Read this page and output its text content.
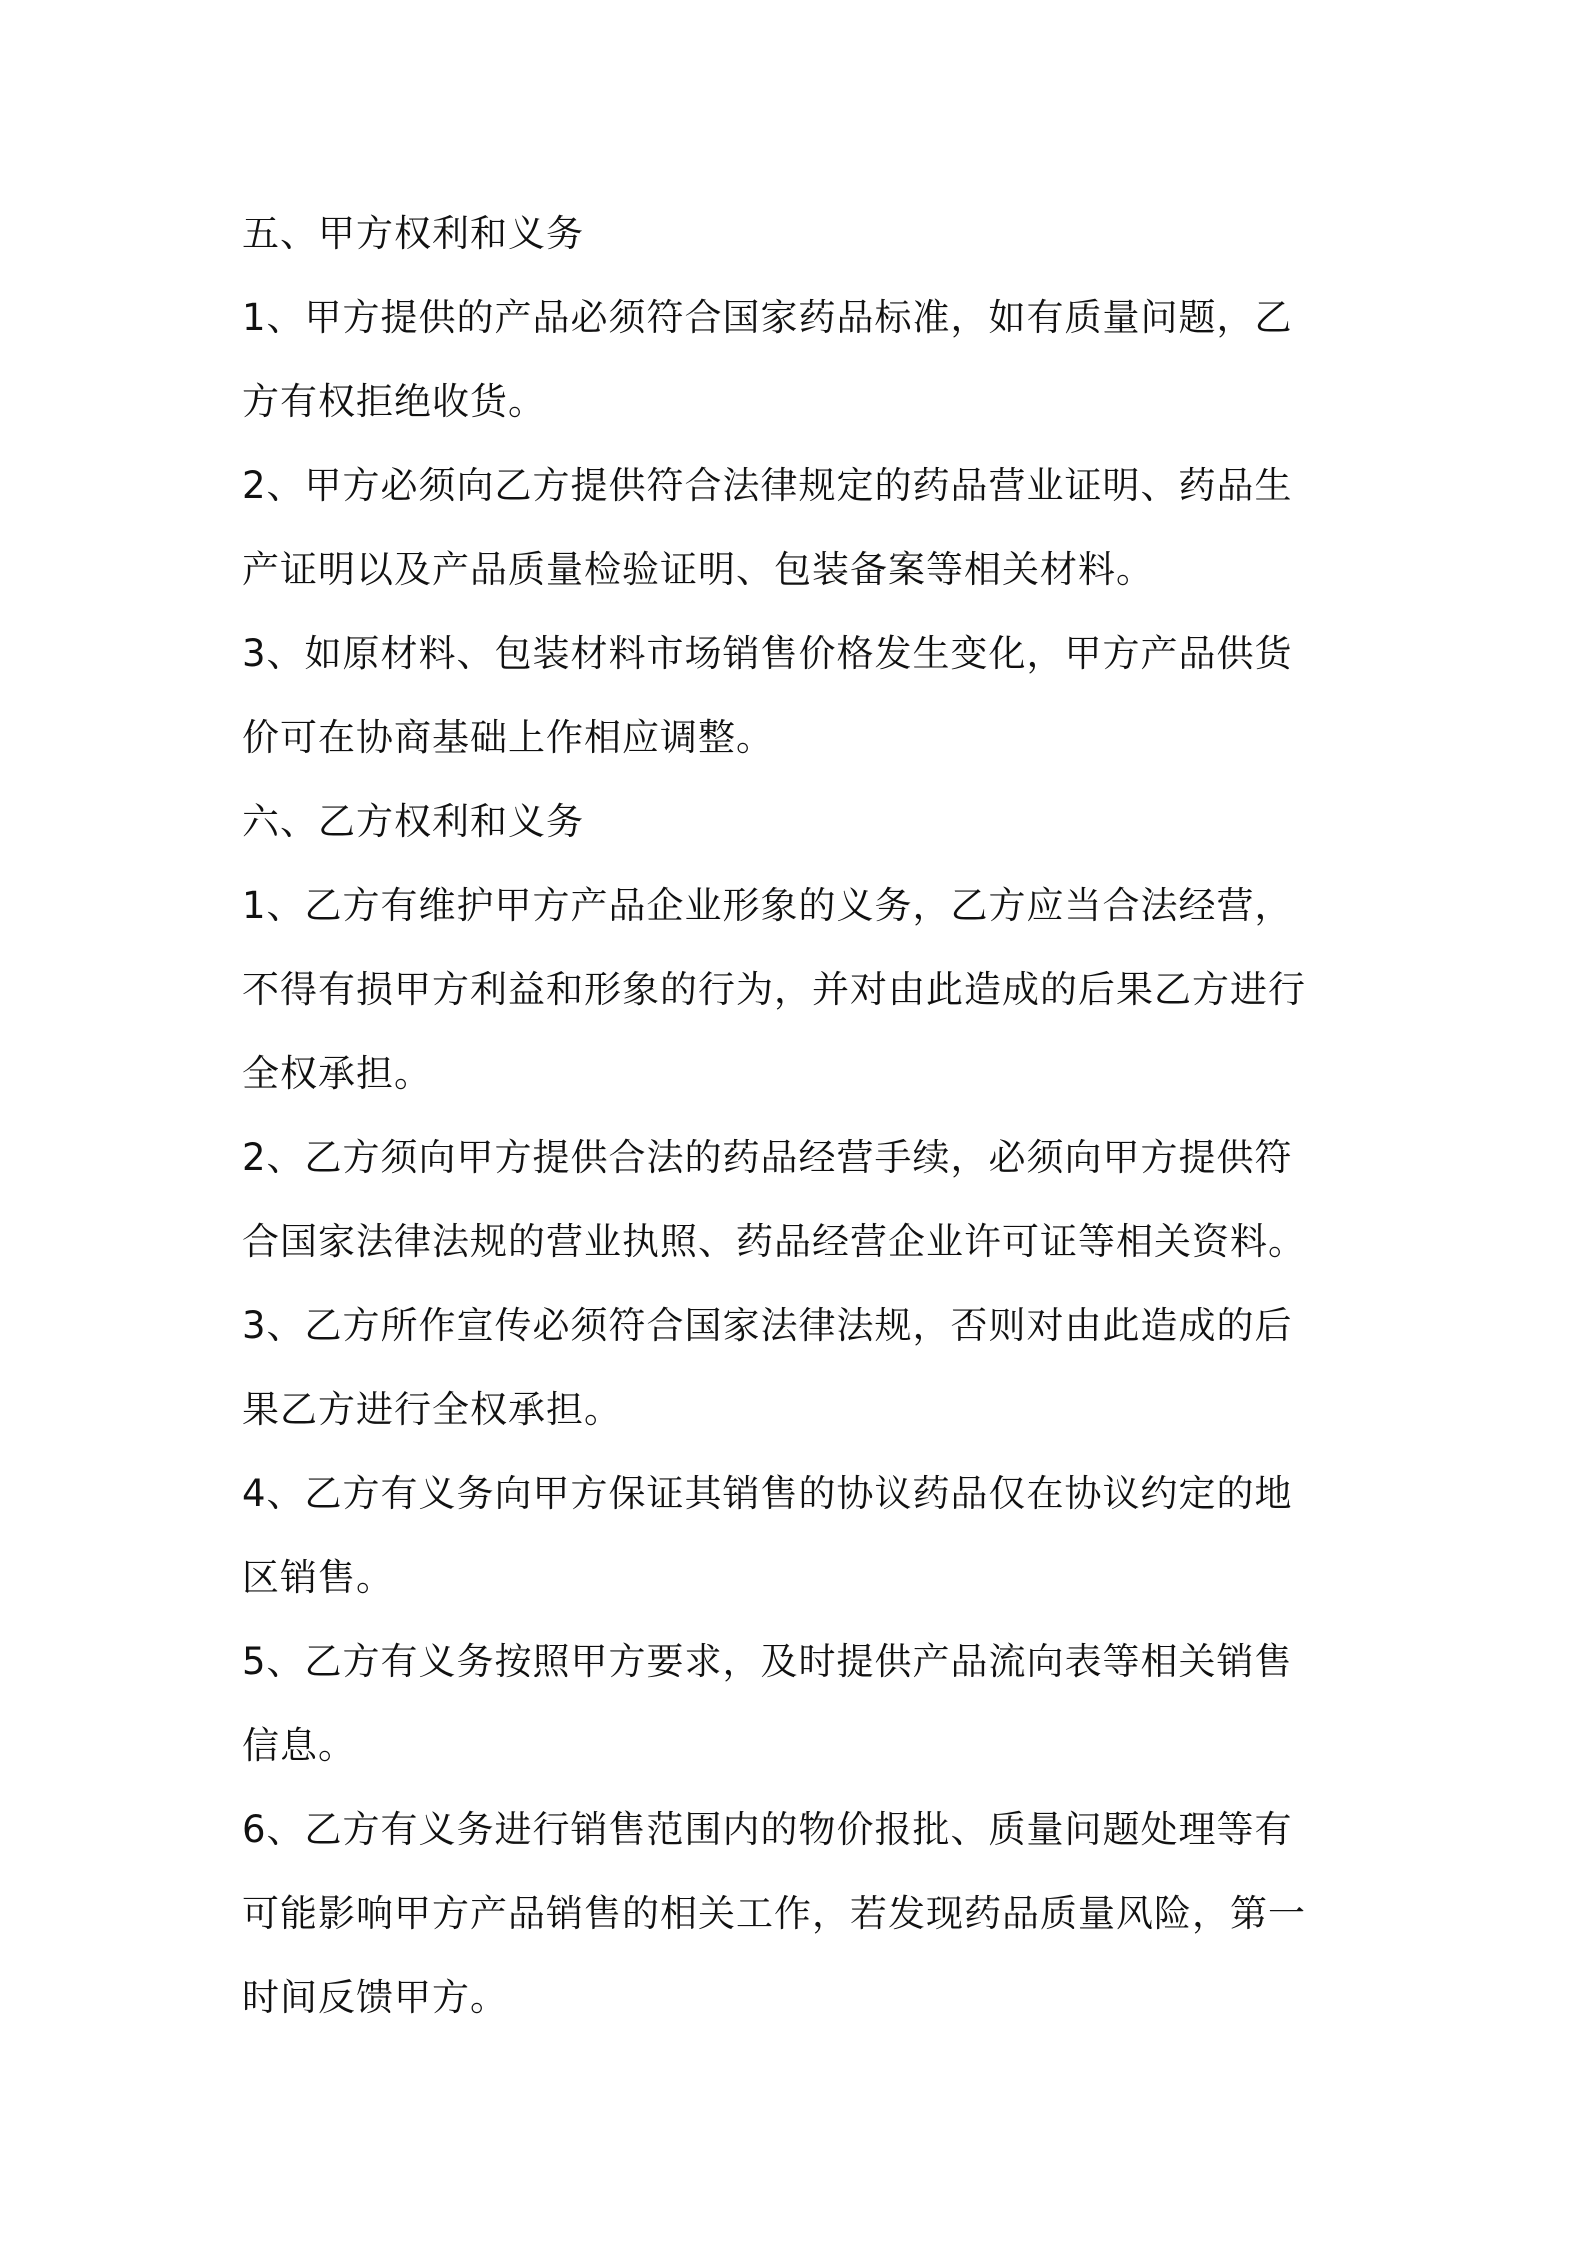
五、甲方权利和义务

1、甲方提供的产品必须符合国家药品标准，如有质量问题，乙
方有权拒绝收货。

2、甲方必须向乙方提供符合法律规定的药品营业证明、药品生
产证明以及产品质量检验证明、包装备案等相关材料。

3、如原材料、包装材料市场销售价格发生变化，甲方产品供货
价可在协商基础上作相应调整。

六、乙方权利和义务

1、乙方有维护甲方产品企业形象的义务，乙方应当合法经营，
不得有损甲方利益和形象的行为，并对由此造成的后果乙方进行
全权承担。

2、乙方须向甲方提供合法的药品经营手续，必须向甲方提供符
合国家法律法规的营业执照、药品经营企业许可证等相关资料。

3、乙方所作宣传必须符合国家法律法规，否则对由此造成的后
果乙方进行全权承担。

4、乙方有义务向甲方保证其销售的协议药品仅在协议约定的地
区销售。

5、乙方有义务按照甲方要求，及时提供产品流向表等相关销售
信息。

6、乙方有义务进行销售范围内的物价报批、质量问题处理等有
可能影响甲方产品销售的相关工作，若发现药品质量风险，第一
时间反馈甲方。
